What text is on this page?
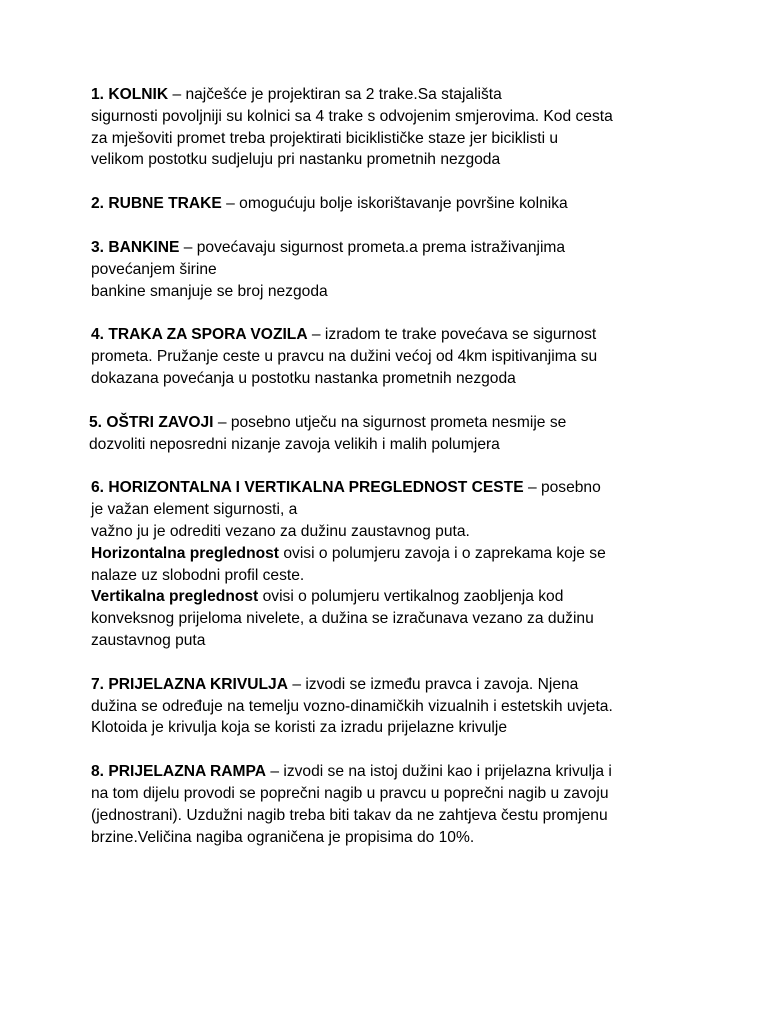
1. KOLNIK – najčešće je projektiran sa 2 trake.Sa stajališta
sigurnosti povoljniji su kolnici sa 4 trake s odvojenim smjerovima. Kod cesta
za mješoviti promet treba projektirati biciklističke staze jer biciklisti u
velikom postotku sudjeluju pri nastanku prometnih nezgoda
2. RUBNE TRAKE – omogućuju bolje iskorištavanje površine kolnika
3. BANKINE – povećavaju sigurnost prometa.a prema istraživanjima
povećanjem širine
bankine smanjuje se broj nezgoda
4. TRAKA ZA SPORA VOZILA – izradom te trake povećava se sigurnost
prometa. Pružanje ceste u pravcu na dužini većoj od 4km ispitivanjima su
dokazana povećanja u postotku nastanka prometnih nezgoda
5. OŠTRI ZAVOJI – posebno utječu na sigurnost prometa nesmije se
dozvoliti neposredni nizanje zavoja velikih i malih polumjera
6. HORIZONTALNA I VERTIKALNA PREGLEDNOST CESTE – posebno
je važan element sigurnosti, a
važno ju je odrediti vezano za dužinu zaustavnog puta.
Horizontalna preglednost ovisi o polumjeru zavoja i o zaprekama koje se
nalaze uz slobodni profil ceste.
Vertikalna preglednost ovisi o polumjeru vertikalnog zaobljenja kod
konveksnog prijeloma nivelete, a dužina se izračunava vezano za dužinu
zaustavnog puta
7. PRIJELAZNA KRIVULJA – izvodi se između pravca i zavoja. Njena
dužina se određuje na temelju vozno-dinamičkih vizualnih i estetskih uvjeta.
Klotoida je krivulja koja se koristi za izradu prijelazne krivulje
8. PRIJELAZNA RAMPA – izvodi se na istoj dužini kao i prijelazna krivulja i
na tom dijelu provodi se poprečni nagib u pravcu u poprečni nagib u zavoju
(jednostrani). Uzdužni nagib treba biti takav da ne zahtjeva čestu promjenu
brzine.Veličina nagiba ograničena je propisima do 10%.
